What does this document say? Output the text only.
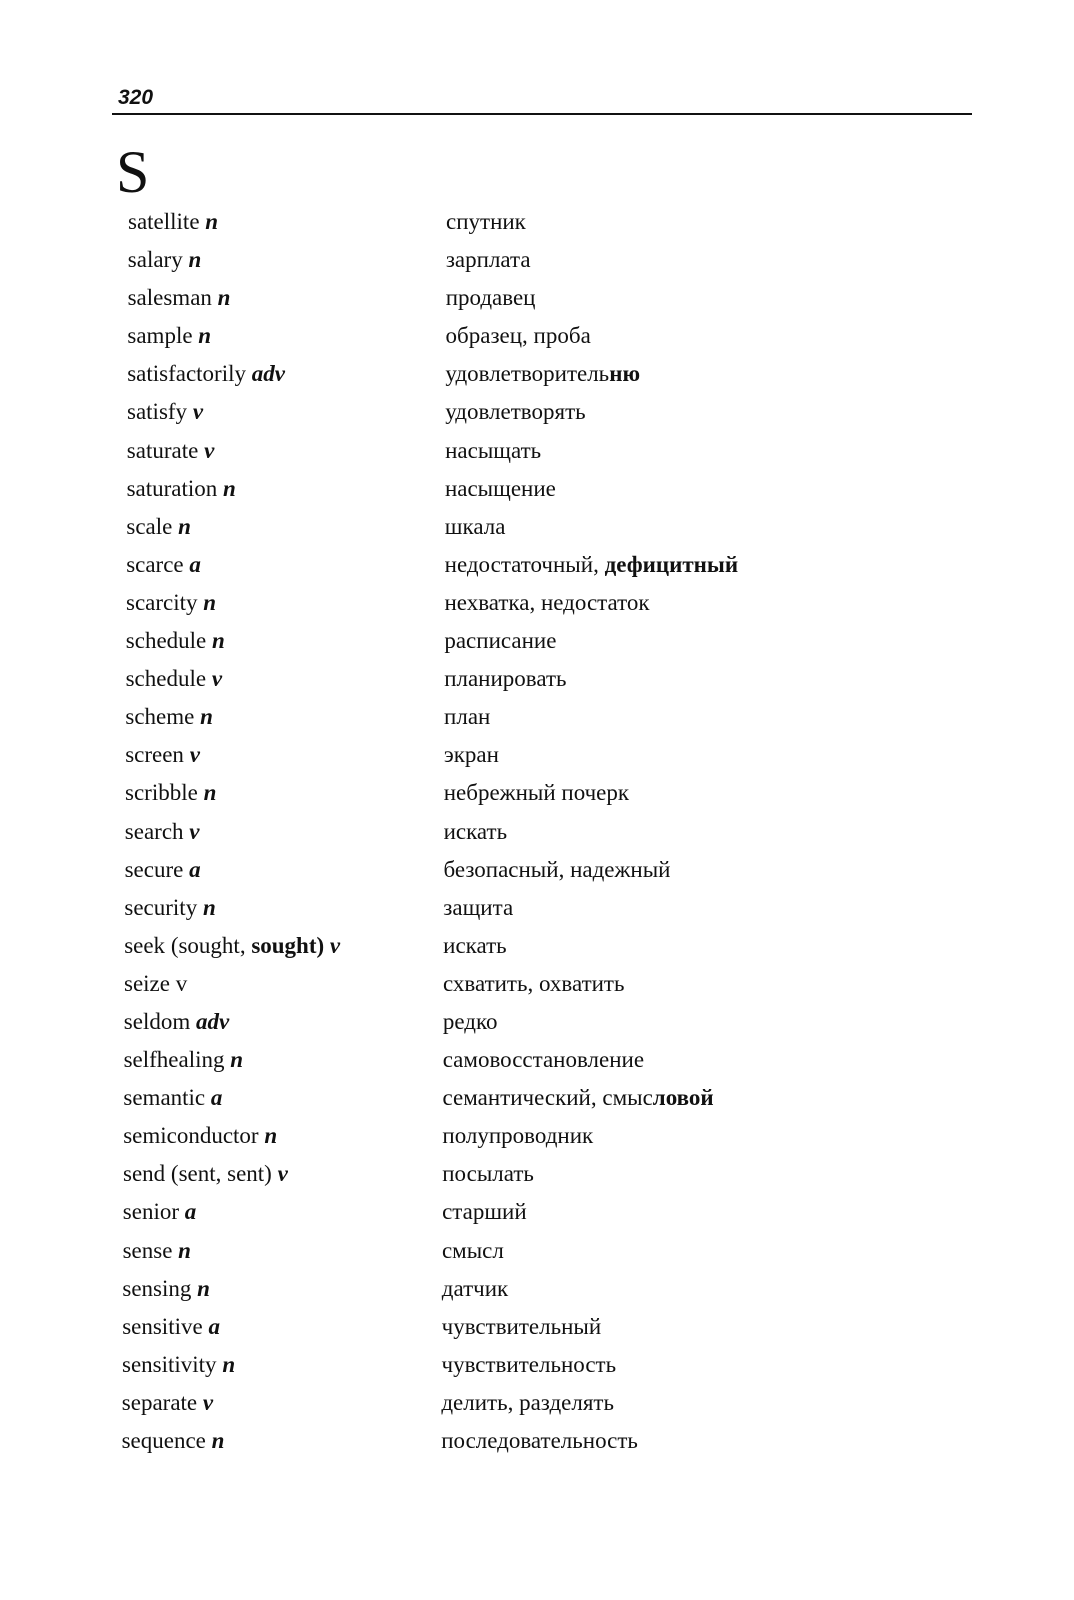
320
S
satellite n	спутник
salary n	зарплата
salesman n	продавец
sample n	образец, проба
satisfactorily adv	удовлетворительню
satisfy v	удовлетворять
saturate v	насыщать
saturation n	насыщение
scale n	шкала
scarce a	недостаточный, дефицитный
scarcity n	нехватка, недостаток
schedule n	расписание
schedule v	планировать
scheme n	план
screen v	экран
scribble n	небрежный почерк
search v	искать
secure a	безопасный, надежный
security n	защита
seek (sought, sought) v	искать
seize v	схватить, охватить
seldom adv	редко
selfhealing n	самовосстановление
semantic a	семантический, смысловой
semiconductor n	полупроводник
send (sent, sent) v	посылать
senior a	старший
sense n	смысл
sensing n	датчик
sensitive a	чувствительный
sensitivity n	чувствительность
separate v	делить, разделять
sequence n	последовательность
